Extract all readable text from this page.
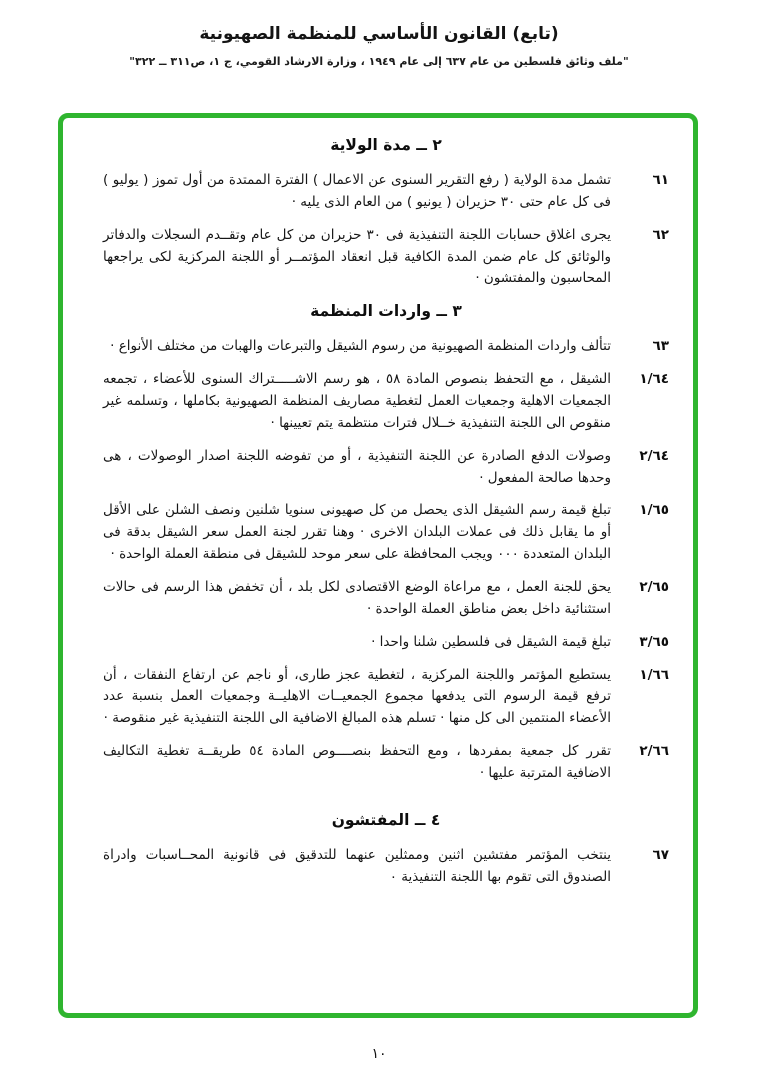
(تابع) القانون الأساسي للمنظمة الصهيونية
"ملف وثائق فلسطين من عام ٦٣٧ إلى عام ١٩٤٩ ، وزارة الارشاد القومي، ج ١، ص٣١١ ــ ٣٢٢"
٢ ــ مدة الولاية
٦١

تشمل مدة الولاية ( رفع التقرير السنوى عن الاعمال ) الفترة الممتدة من أول تموز ( يوليو ) فى كل عام حتى ٣٠ حزيران ( يونيو ) من العام الذى يليه ·

٦٢

يجرى اغلاق حسابات اللجنة التنفيذية فى ٣٠ حزيران من كل عام وتقــدم السجلات والدفاتر والوثائق كل عام ضمن المدة الكافية قبل انعقاد المؤتمــر أو اللجنة المركزية لكى يراجعها المحاسبون والمفتشون ·

٣ ــ واردات المنظمة
٦٣

تتألف واردات المنظمة الصهيونية من رسوم الشيقل والتبرعات والهبات من مختلف الأنواع ·

١/٦٤

الشيقل ، مع التحفظ بنصوص المادة ٥٨ ، هو رسم الاشـــــتراك السنوى للأعضاء ، تجمعه الجمعيات الاهلية وجمعيات العمل لتغطية مصاريف المنظمة الصهيونية بكاملها ، وتسلمه غير منقوص الى اللجنة التنفيذية خــلال فترات منتظمة يتم تعيينها ·

٢/٦٤

وصولات الدفع الصادرة عن اللجنة التنفيذية ، أو من تفوضه اللجنة اصدار الوصولات ، هى وحدها صالحة المفعول ·

١/٦٥

تبلغ قيمة رسم الشيقل الذى يحصل من كل صهيونى سنويا شلنين ونصف الشلن على الأقل أو ما يقابل ذلك فى عملات البلدان الاخرى · وهنا تقرر لجنة العمل سعر الشيقل بدقة فى البلدان المتعددة ٠٠٠ ويجب المحافظة على سعر موحد للشيقل فى منطقة العملة الواحدة ·

٢/٦٥

يحق للجنة العمل ، مع مراعاة الوضع الاقتصادى لكل بلد ، أن تخفض هذا الرسم فى حالات استثنائية داخل بعض مناطق العملة الواحدة ·

٣/٦٥

تبلغ قيمة الشيقل فى فلسطين شلنا واحدا ·

١/٦٦

يستطيع المؤتمر واللجنة المركزية ، لتغطية عجز طارى، أو ناجم عن ارتفاع النفقات ، أن ترفع قيمة الرسوم التى يدفعها مجموع الجمعيــات الاهليــة وجمعيات العمل بنسبة عدد الأعضاء المنتمين الى كل منها · تسلم هذه المبالغ الاضافية الى اللجنة التنفيذية غير منقوصة ·

٢/٦٦

تقرر كل جمعية بمفردها ، ومع التحفظ بنصــــوص المادة ٥٤ طريقــة تغطية التكاليف الاضافية المترتبة عليها ·

٤ ــ المفتشون
٦٧

ينتخب المؤتمر مفتشين اثنين وممثلين عنهما للتدقيق فى قانونية المحــاسبات وادراة الصندوق التى تقوم بها اللجنة التنفيذية ٠

١٠
